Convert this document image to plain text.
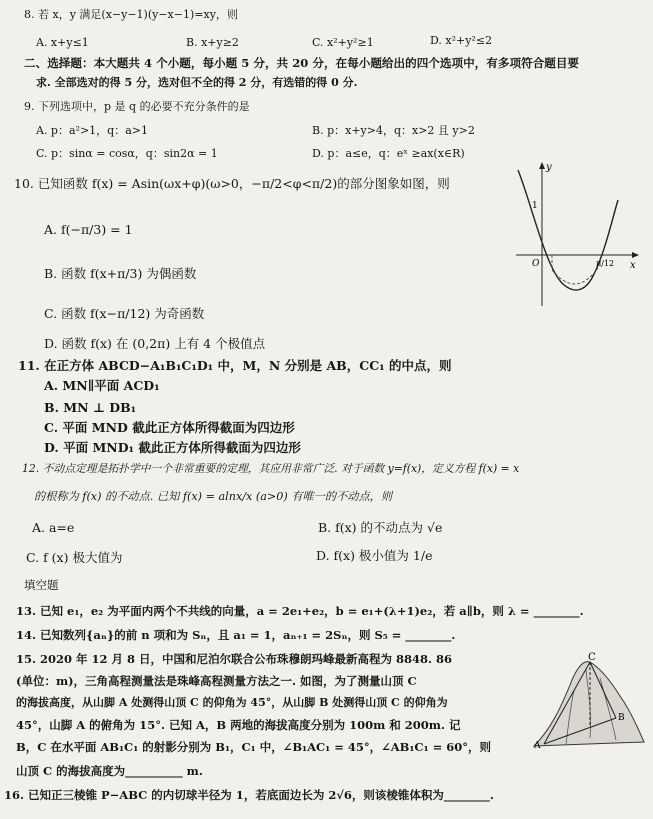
8. 若 x，y 满足(x−y−1)(y−x−1)=xy，则
A. x+y≤1	B. x+y≥2	C. x²+y²≥1	D. x²+y²≤2
二、选择题：本大题共 4 个小题，每小题 5 分，共 20 分，在每小题给出的四个选项中，有多项符合题目要
求. 全部选对的得 5 分，选对但不全的得 2 分，有选错的得 0 分.
9. 下列选项中，p 是 q 的必要不充分条件的是
A. p：a²>1，q：a>1	B. p：x+y>4，q：x>2 且 y>2
C. p：sinα = cosα，q：sin2α = 1	D. p：a≤e，q：eˣ ≥ax(x∈R)
10. 已知函数 f(x) = Asin(ωx+φ)(ω>0，−π/2<φ<π/2)的部分图象如图，则
A. f(−π/3) = 1
B. 函数 f(x+π/3) 为偶函数
C. 函数 f(x−π/12) 为奇函数
D. 函数 f(x) 在 (0,2π) 上有 4 个极值点
y
x
1
O	π/12
11. 在正方体 ABCD−A₁B₁C₁D₁ 中，M，N 分别是 AB，CC₁ 的中点，则
A. MN∥平面 ACD₁
B. MN ⊥ DB₁
C. 平面 MND 截此正方体所得截面为四边形
D. 平面 MND₁ 截此正方体所得截面为四边形
12. 不动点定理是拓扑学中一个非常重要的定理，其应用非常广泛. 对于函数 y=f(x)，定义方程 f(x) = x
的根称为 f(x) 的不动点. 已知 f(x) = alnx/x (a>0) 有唯一的不动点，则
A. a=e	B. f(x) 的不动点为 √e
C. f (x) 极大值为	D. f(x) 极小值为 1/e
填空题
13. 已知 e₁，e₂ 为平面内两个不共线的向量，a = 2e₁+e₂，b = e₁+(λ+1)e₂，若 a∥b，则 λ = ________.
14. 已知数列{aₙ}的前 n 项和为 Sₙ，且 a₁ = 1，aₙ₊₁ = 2Sₙ，则 S₅ = ________.
15. 2020 年 12 月 8 日，中国和尼泊尔联合公布珠穆朗玛峰最新高程为 8848. 86
(单位：m)，三角高程测量法是珠峰高程测量方法之一. 如图，为了测量山顶 C
的海拔高度，从山脚 A 处测得山顶 C 的仰角为 45°，从山脚 B 处测得山顶 C 的仰角为
45°，山脚 A 的俯角为 15°. 已知 A，B 两地的海拔高度分别为 100m 和 200m. 记
B，C 在水平面 AB₁C₁ 的射影分别为 B₁，C₁ 中，∠B₁AC₁ = 45°，∠AB₁C₁ = 60°，则
山顶 C 的海拔高度为__________ m.
C
A
B
16. 已知正三棱锥 P−ABC 的内切球半径为 1，若底面边长为 2√6，则该棱锥体积为________.
